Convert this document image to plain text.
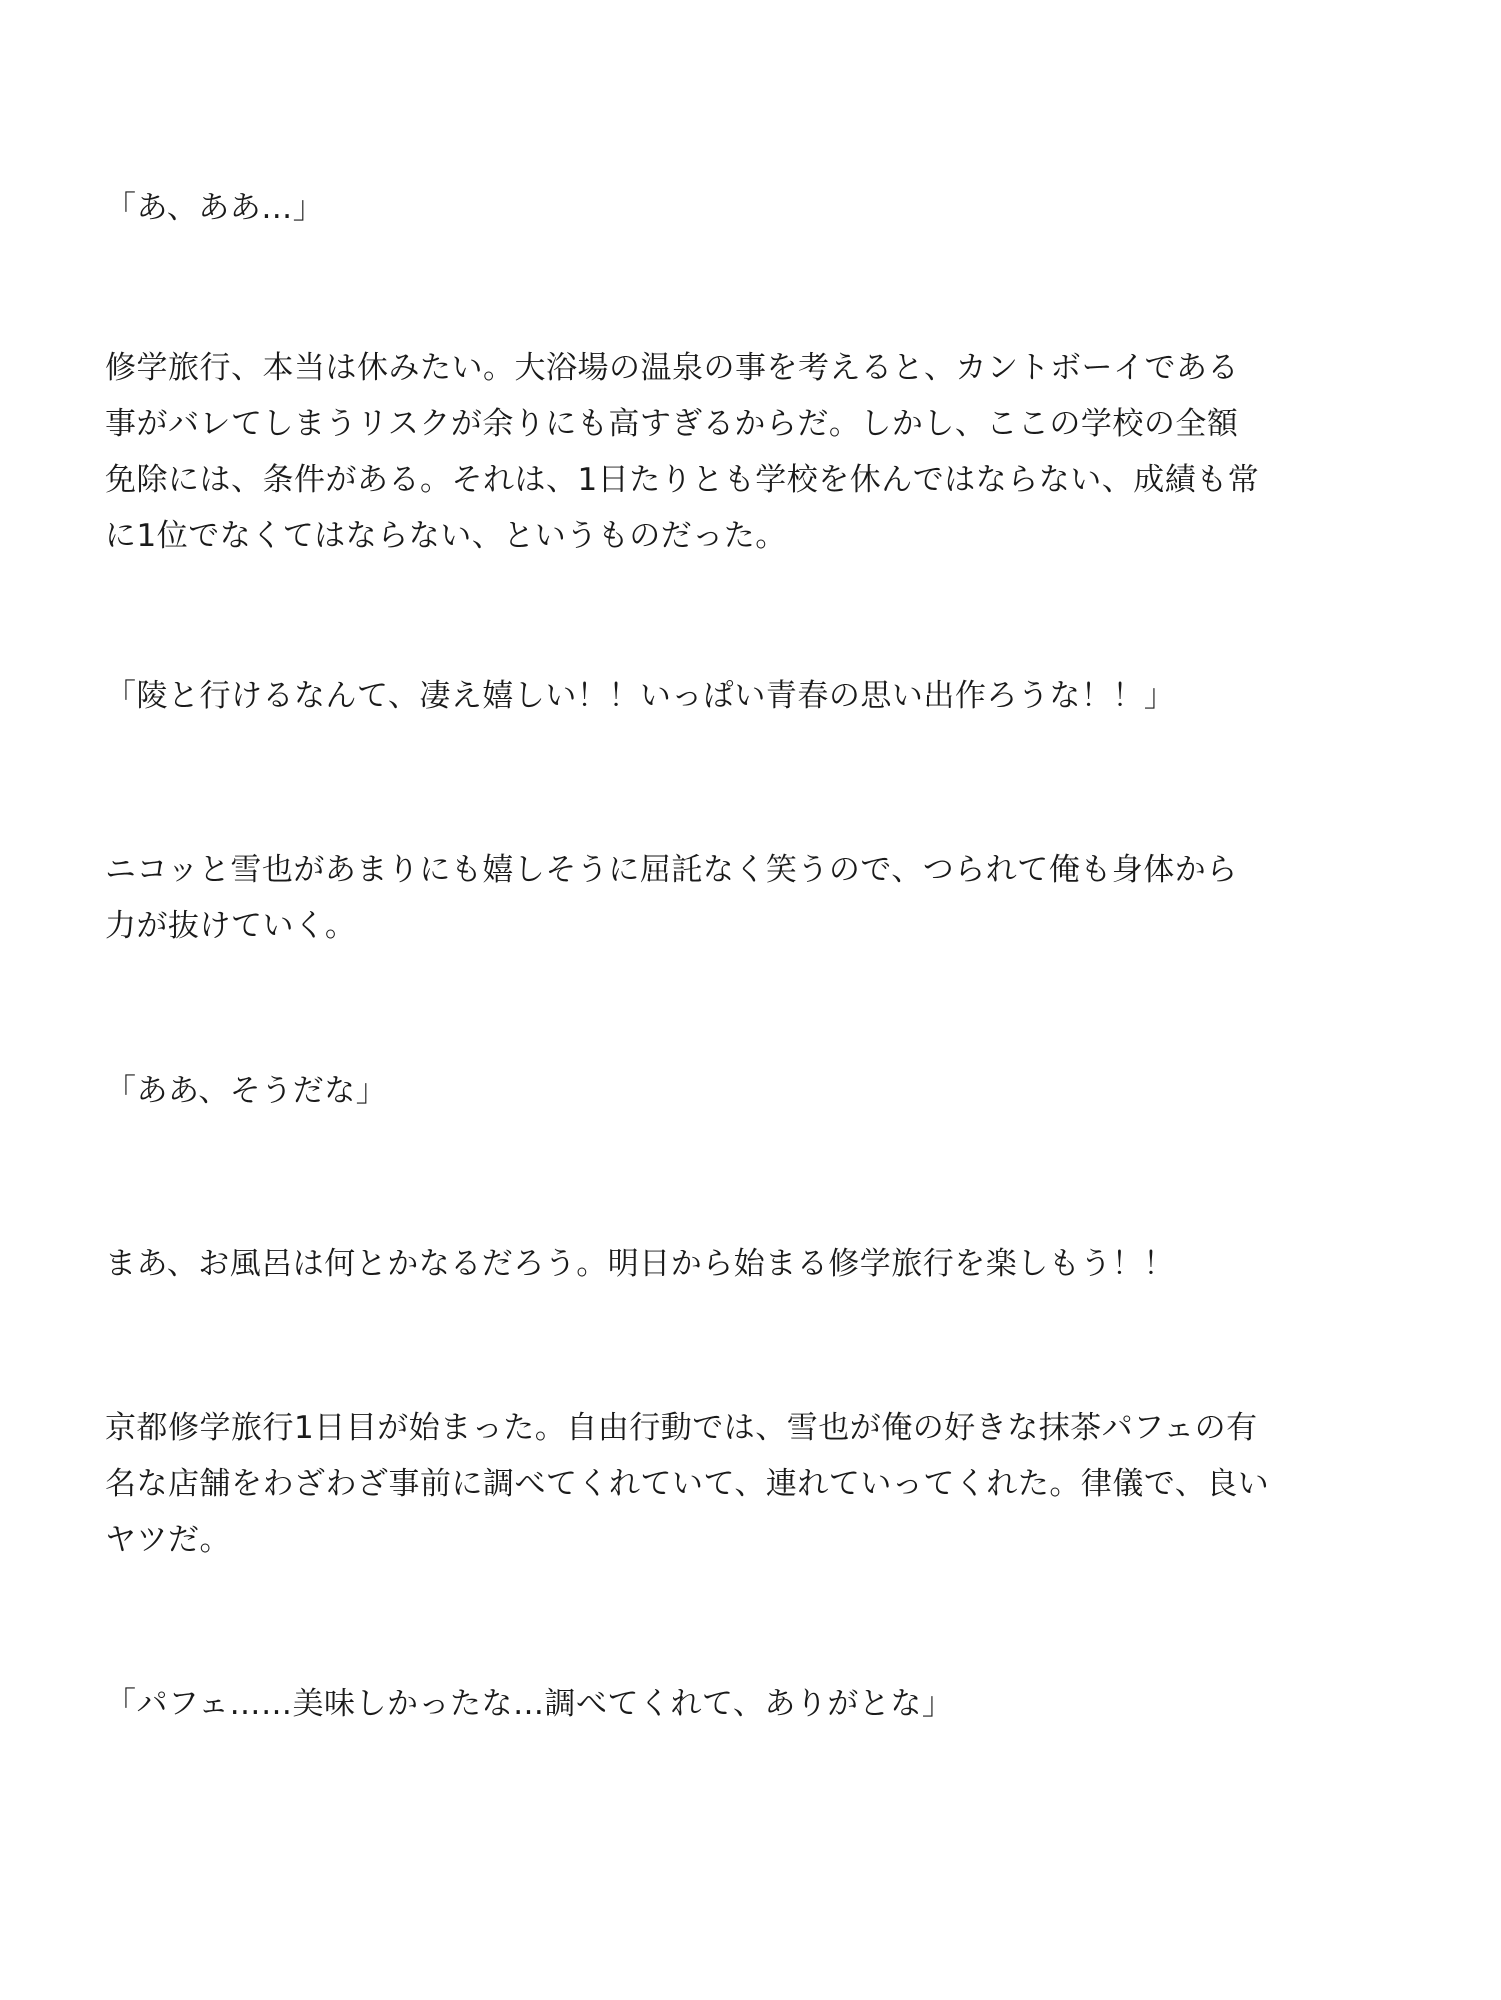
「あ、ああ…」

修学旅行、本当は休みたい。大浴場の温泉の事を考えると、カントボーイである
事がバレてしまうリスクが余りにも高すぎるからだ。しかし、ここの学校の全額
免除には、条件がある。それは、1日たりとも学校を休んではならない、成績も常
に1位でなくてはならない、というものだった。

「陵と行けるなんて、凄え嬉しい！！いっぱい青春の思い出作ろうな！！」

ニコッと雪也があまりにも嬉しそうに屈託なく笑うので、つられて俺も身体から
力が抜けていく。

「ああ、そうだな」

まあ、お風呂は何とかなるだろう。明日から始まる修学旅行を楽しもう！！

京都修学旅行1日目が始まった。自由行動では、雪也が俺の好きな抹茶パフェの有
名な店舗をわざわざ事前に調べてくれていて、連れていってくれた。律儀で、良い
ヤツだ。

「パフェ……美味しかったな…調べてくれて、ありがとな」
